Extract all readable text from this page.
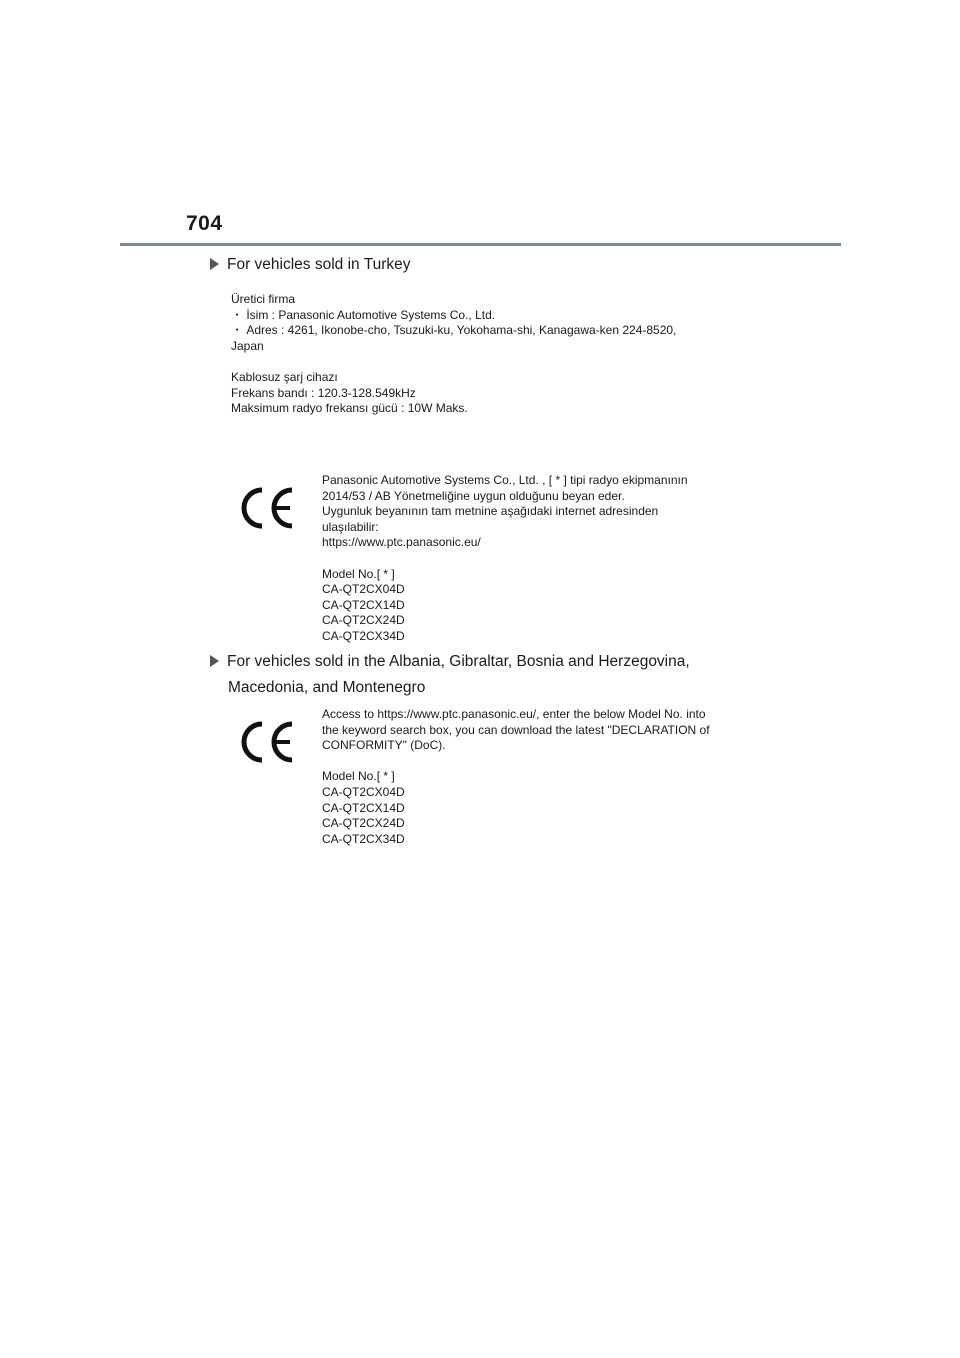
704
For vehicles sold in Turkey
Üretici firma
・ İsim : Panasonic Automotive Systems Co., Ltd.
・ Adres : 4261, Ikonobe-cho, Tsuzuki-ku, Yokohama-shi, Kanagawa-ken 224-8520,
Japan
Kablosuz şarj cihazı
Frekans bandı : 120.3-128.549kHz
Maksimum radyo frekansı gücü : 10W Maks.
Panasonic Automotive Systems Co., Ltd. , [ * ] tipi radyo ekipmanının
2014/53 / AB Yönetmeliğine uygun olduğunu beyan eder.
Uygunluk beyanının tam metnine aşağıdaki internet adresinden
ulaşılabilir:
https://www.ptc.panasonic.eu/
Model No.[ * ]
CA-QT2CX04D
CA-QT2CX14D
CA-QT2CX24D
CA-QT2CX34D
For vehicles sold in the Albania, Gibraltar, Bosnia and Herzegovina,
Macedonia, and Montenegro
Access to https://www.ptc.panasonic.eu/, enter the below Model No. into
the keyword search box, you can download the latest "DECLARATION of
CONFORMITY" (DoC).
Model No.[ * ]
CA-QT2CX04D
CA-QT2CX14D
CA-QT2CX24D
CA-QT2CX34D
